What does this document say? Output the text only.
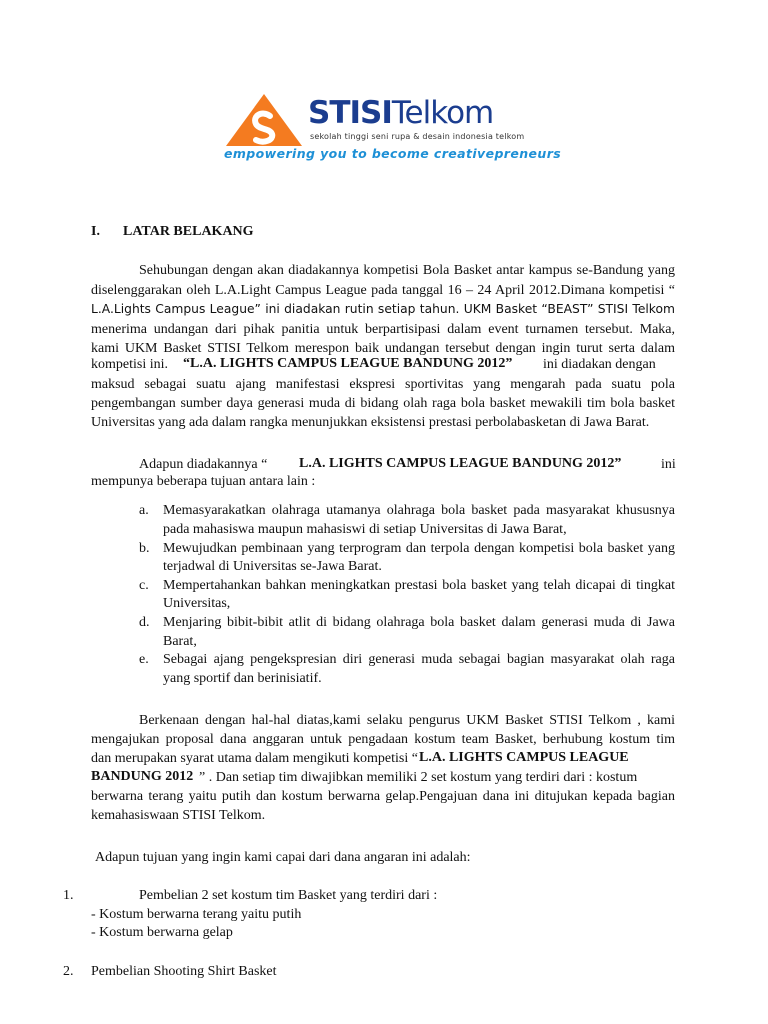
STISITelkom
sekolah tinggi seni rupa & desain indonesia telkom
empowering you to become creativepreneurs
I. LATAR BELAKANG
Sehubungan dengan akan diadakannya kompetisi Bola Basket antar kampus se-Bandung yang
diselenggarakan oleh L.A.Light Campus League pada tanggal 16 – 24 April 2012.Dimana kompetisi “
L.A.Lights Campus League” ini diadakan rutin setiap tahun. UKM Basket “BEAST” STISI Telkom
menerima undangan dari pihak panitia untuk berpartisipasi dalam event turnamen tersebut. Maka,
kami UKM Basket STISI Telkom merespon baik undangan tersebut dengan ingin turut serta dalam
kompetisi ini. “L.A. LIGHTS CAMPUS LEAGUE BANDUNG 2012” ini diadakan dengan
maksud sebagai suatu ajang manifestasi ekspresi sportivitas yang mengarah pada suatu pola
pengembangan sumber daya generasi muda di bidang olah raga bola basket mewakili tim bola basket
Universitas yang ada dalam rangka menunjukkan eksistensi prestasi perbolabasketan di Jawa Barat.
Adapun diadakannya “ L.A. LIGHTS CAMPUS LEAGUE BANDUNG 2012”	ini
mempunya beberapa tujuan antara lain :
a. Memasyarakatkan olahraga utamanya olahraga bola basket pada masyarakat khususnya
pada mahasiswa maupun mahasiswi di setiap Universitas di Jawa Barat,
b. Mewujudkan pembinaan yang terprogram dan terpola dengan kompetisi bola basket yang
terjadwal di Universitas se-Jawa Barat.
c. Mempertahankan bahkan meningkatkan prestasi bola basket yang telah dicapai di tingkat
Universitas,
d. Menjaring bibit-bibit atlit di bidang olahraga bola basket dalam generasi muda di Jawa
Barat,
e. Sebagai ajang pengekspresian diri generasi muda sebagai bagian masyarakat olah raga
yang sportif dan berinisiatif.
Berkenaan dengan hal-hal diatas,kami selaku pengurus UKM Basket STISI Telkom , kami
mengajukan proposal dana anggaran untuk pengadaan kostum team Basket, berhubung kostum tim
dan merupakan syarat utama dalam mengikuti kompetisi “ L.A. LIGHTS CAMPUS LEAGUE
BANDUNG 2012 ” . Dan setiap tim diwajibkan memiliki 2 set kostum yang terdiri dari : kostum
berwarna terang yaitu putih dan kostum berwarna gelap.Pengajuan dana ini ditujukan kepada bagian
kemahasiswaan STISI Telkom.
Adapun tujuan yang ingin kami capai dari dana angaran ini adalah:
1.	Pembelian 2 set kostum tim Basket yang terdiri dari :
- Kostum berwarna terang yaitu putih
- Kostum berwarna gelap
2. Pembelian Shooting Shirt Basket
